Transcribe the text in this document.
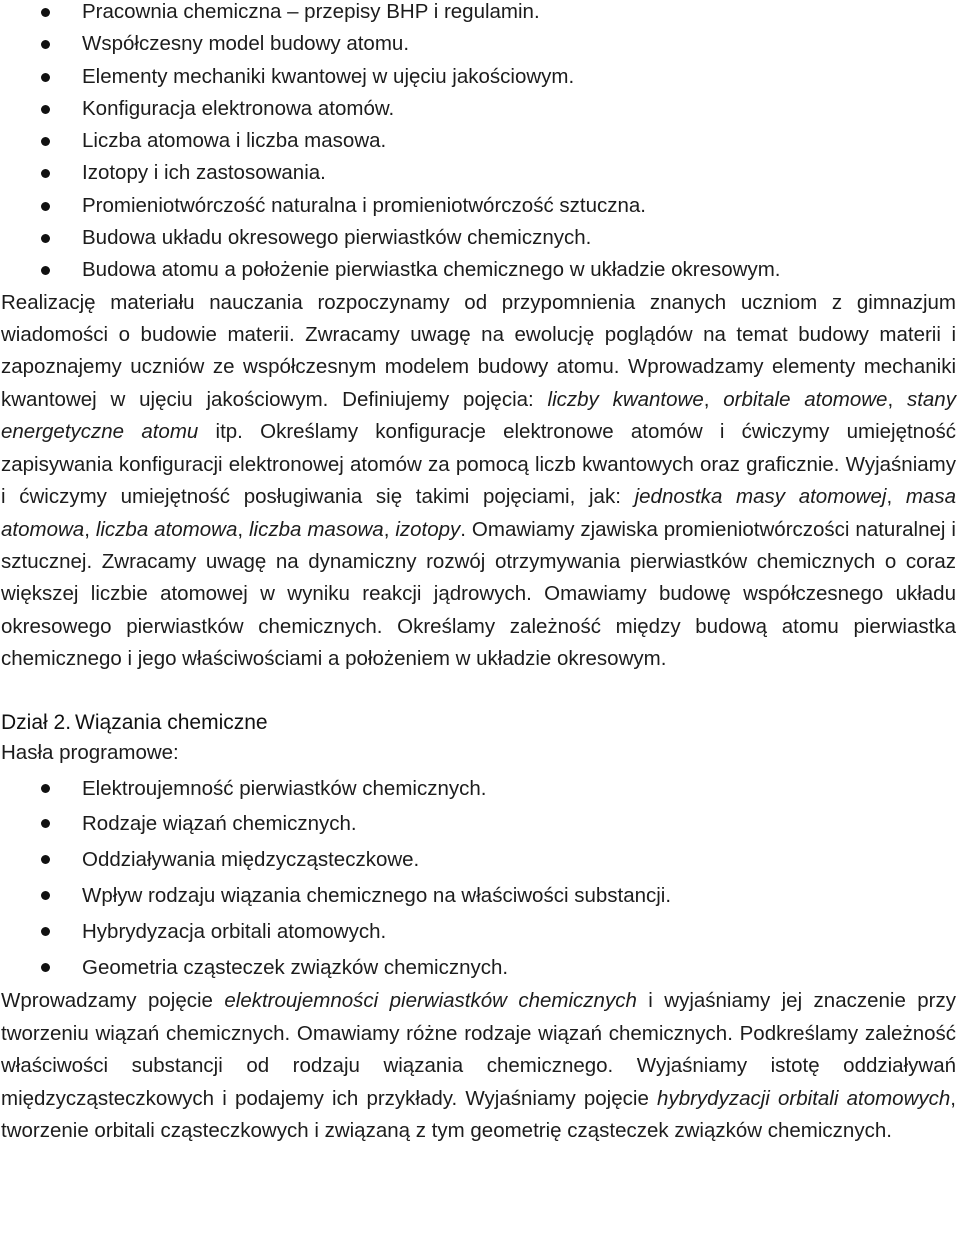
Pracownia chemiczna – przepisy BHP i regulamin.
Współczesny model budowy atomu.
Elementy mechaniki kwantowej w ujęciu jakościowym.
Konfiguracja elektronowa atomów.
Liczba atomowa i liczba masowa.
Izotopy i ich zastosowania.
Promieniotwórczość naturalna i promieniotwórczość sztuczna.
Budowa układu okresowego pierwiastków chemicznych.
Budowa atomu a położenie pierwiastka chemicznego w układzie okresowym.

Realizację materiału nauczania rozpoczynamy od przypomnienia znanych uczniom z gimnazjum wiadomości o budowie materii. Zwracamy uwagę na ewolucję poglądów na temat budowy materii i zapoznajemy uczniów ze współczesnym modelem budowy atomu. Wprowadzamy elementy mechaniki kwantowej w ujęciu jakościowym. Definiujemy pojęcia: liczby kwantowe, orbitale atomowe, stany energetyczne atomu itp. Określamy konfiguracje elektronowe atomów i ćwiczymy umiejętność zapisywania konfiguracji elektronowej atomów za pomocą liczb kwantowych oraz graficznie. Wyjaśniamy i ćwiczymy umiejętność posługiwania się takimi pojęciami, jak: jednostka masy atomowej, masa atomowa, liczba atomowa, liczba masowa, izotopy. Omawiamy zjawiska promieniotwórczości naturalnej i sztucznej. Zwracamy uwagę na dynamiczny rozwój otrzymywania pierwiastków chemicznych o coraz większej liczbie atomowej w wyniku reakcji jądrowych. Omawiamy budowę współczesnego układu okresowego pierwiastków chemicznych. Określamy zależność między budową atomu pierwiastka chemicznego i jego właściwościami a położeniem w układzie okresowym.

Dział 2. Wiązania chemiczne
Hasła programowe:
Elektroujemność pierwiastków chemicznych.
Rodzaje wiązań chemicznych.
Oddziaływania międzycząsteczkowe.
Wpływ rodzaju wiązania chemicznego na właściwości substancji.
Hybrydyzacja orbitali atomowych.
Geometria cząsteczek związków chemicznych.

Wprowadzamy pojęcie elektroujemności pierwiastków chemicznych i wyjaśniamy jej znaczenie przy tworzeniu wiązań chemicznych. Omawiamy różne rodzaje wiązań chemicznych. Podkreślamy zależność właściwości substancji od rodzaju wiązania chemicznego. Wyjaśniamy istotę oddziaływań międzycząsteczkowych i podajemy ich przykłady. Wyjaśniamy pojęcie hybrydyzacji orbitali atomowych, tworzenie orbitali cząsteczkowych i związaną z tym geometrię cząsteczek związków chemicznych.
